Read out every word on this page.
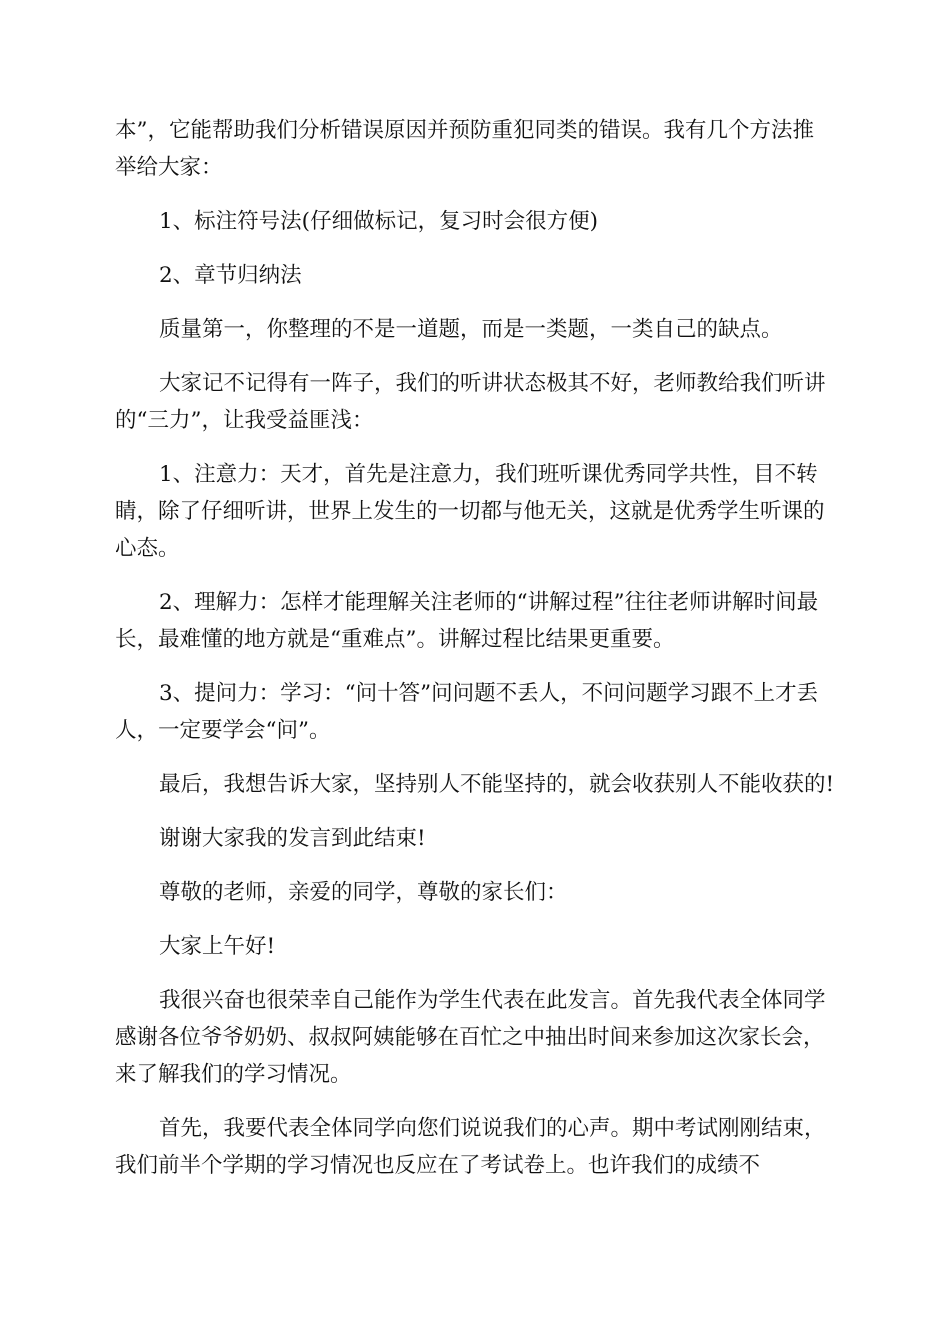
本”，它能帮助我们分析错误原因并预防重犯同类的错误。我有几个方法推举给大家：

1、标注符号法(仔细做标记，复习时会很方便)

2、章节归纳法

质量第一，你整理的不是一道题，而是一类题，一类自己的缺点。

大家记不记得有一阵子，我们的听讲状态极其不好，老师教给我们听讲的“三力”，让我受益匪浅：

1、注意力：天才，首先是注意力，我们班听课优秀同学共性，目不转睛，除了仔细听讲，世界上发生的一切都与他无关，这就是优秀学生听课的心态。

2、理解力：怎样才能理解关注老师的“讲解过程”往往老师讲解时间最长，最难懂的地方就是“重难点”。讲解过程比结果更重要。

3、提问力：学习：“问十答”问问题不丢人，不问问题学习跟不上才丢人，一定要学会“问”。

最后，我想告诉大家，坚持别人不能坚持的，就会收获别人不能收获的!

谢谢大家我的发言到此结束!

尊敬的老师，亲爱的同学，尊敬的家长们：

大家上午好!

我很兴奋也很荣幸自己能作为学生代表在此发言。首先我代表全体同学感谢各位爷爷奶奶、叔叔阿姨能够在百忙之中抽出时间来参加这次家长会，来了解我们的学习情况。

首先，我要代表全体同学向您们说说我们的心声。期中考试刚刚结束，我们前半个学期的学习情况也反应在了考试卷上。也许我们的成绩不
